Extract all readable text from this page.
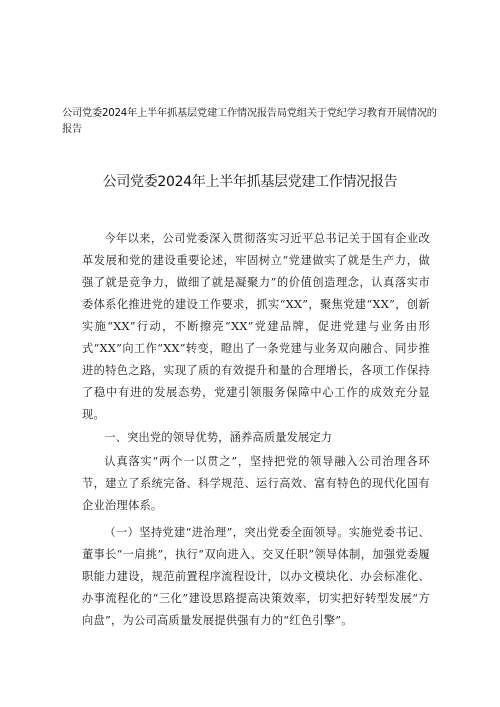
公司党委2024年上半年抓基层党建工作情况报告局党组关于党纪学习教育开展情况的报告
公司党委2024年上半年抓基层党建工作情况报告

今年以来，公司党委深入贯彻落实习近平总书记关于国有企业改革发展和党的建设重要论述，牢固树立“党建做实了就是生产力，做强了就是竞争力，做细了就是凝聚力”的价值创造理念，认真落实市委体系化推进党的建设工作要求，抓实“XX”，聚焦党建“XX”，创新实施“XX”行动，不断擦亮“XX”党建品牌，促进党建与业务由形式“XX”向工作“XX”转变，瞪出了一条党建与业务双向融合、同步推进的特色之路，实现了质的有效提升和量的合理增长，各项工作保持了稳中有进的发展态势，党建引领服务保障中心工作的成效充分显现。

一、突出党的领导优势，涵养高质量发展定力

认真落实“两个一以贯之”，坚持把党的领导融入公司治理各环节，建立了系统完备、科学规范、运行高效、富有特色的现代化国有企业治理体系。

（一）坚持党建“进治理”，突出党委全面领导。实施党委书记、董事长“一肩挑”，执行“双向进入、交叉任职”领导体制，加强党委履职能力建设，规范前置程序流程设计，以办文模块化、办会标准化、办事流程化的“三化”建设思路提高决策效率，切实把好转型发展“方向盘”，为公司高质量发展提供强有力的“红色引擎”。
